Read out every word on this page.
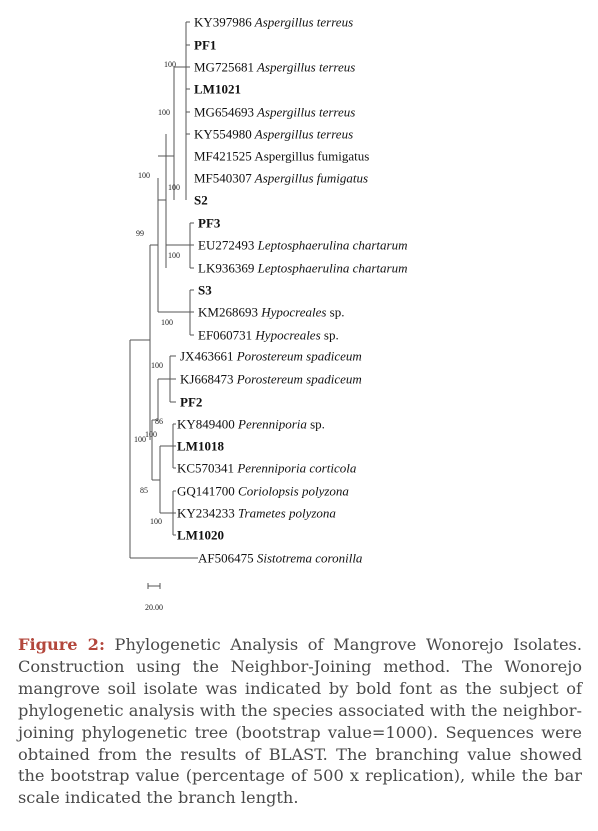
KY397986 Aspergillus terreus
PF1
MG725681 Aspergillus terreus
LM1021
MG654693 Aspergillus terreus
KY554980 Aspergillus terreus
MF421525 Aspergillus fumigatus
MF540307 Aspergillus fumigatus
S2
PF3
EU272493 Leptosphaerulina chartarum
LK936369 Leptosphaerulina chartarum
S3
KM268693 Hypocreales sp.
EF060731 Hypocreales sp.
JX463661 Porostereum spadiceum
KJ668473 Porostereum spadiceum
PF2
KY849400 Perenniporia sp.
LM1018
KC570341 Perenniporia corticola
GQ141700 Coriolopsis polyzona
KY234233 Trametes polyzona
LM1020
AF506475 Sistotrema coronilla
100
100
100
100
99
100
100
100
86
100
100
85
100
20.00
Figure 2: Phylogenetic Analysis of Mangrove Wonorejo Isolates. Construction using the Neighbor-Joining method. The Wonorejo mangrove soil isolate was indicated by bold font as the subject of phylogenetic analysis with the species associated with the neighbor-joining phylogenetic tree (bootstrap value=1000). Sequences were obtained from the results of BLAST. The branching value showed the bootstrap value (percentage of 500 x replication), while the bar scale indicated the branch length.
